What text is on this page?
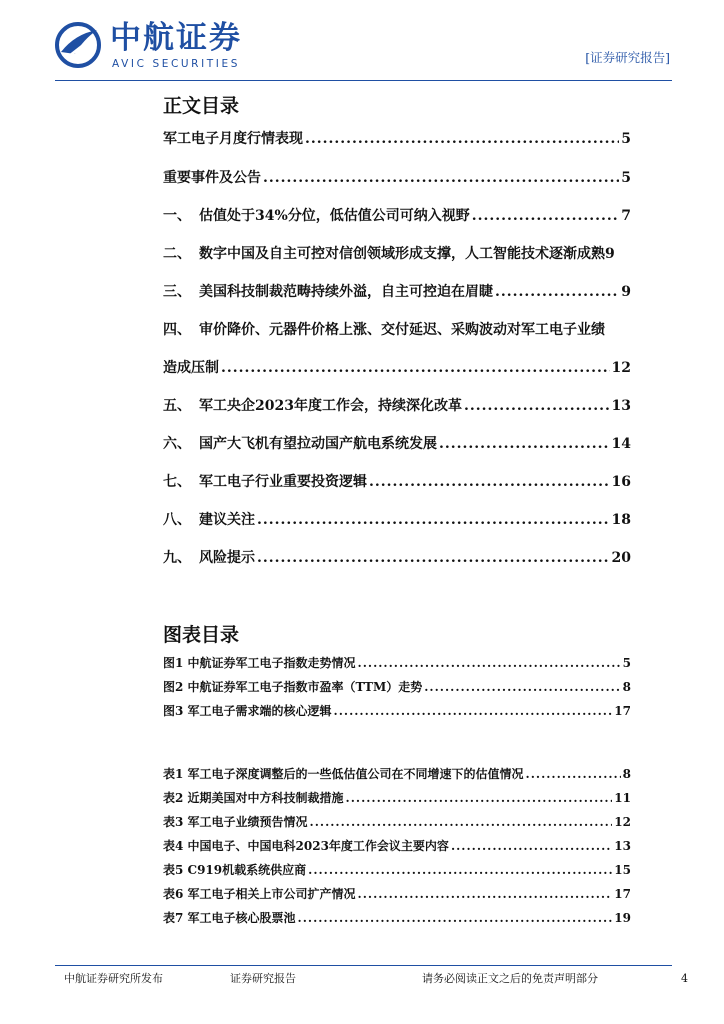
中航证券
AVIC SECURITIES	[证券研究报告]
正文目录
军工电子月度行情表现 .....	5
重要事件及公告 .....	5
一、 估值处于34%分位，低估值公司可纳入视野 .....	7
二、 数字中国及自主可控对信创领域形成支撑，人工智能技术逐渐成熟 9
三、 美国科技制裁范畴持续外溢，自主可控迫在眉睫 .....	9
四、 审价降价、元器件价格上涨、交付延迟、采购波动对军工电子业绩
造成压制 .....	12
五、 军工央企2023年度工作会，持续深化改革 .....	13
六、 国产大飞机有望拉动国产航电系统发展 .....	14
七、 军工电子行业重要投资逻辑 .....	16
八、 建议关注 .....	18
九、 风险提示 .....	20
图表目录
图1 中航证券军工电子指数走势情况 .....	5
图2 中航证券军工电子指数市盈率（TTM）走势 .....	8
图3 军工电子需求端的核心逻辑 .....	17
表1 军工电子深度调整后的一些低估值公司在不同增速下的估值情况 .....	8
表2 近期美国对中方科技制裁措施 .....	11
表3 军工电子业绩预告情况 .....	12
表4 中国电子、中国电科2023年度工作会议主要内容 .....	13
表5 C919机载系统供应商 .....	15
表6 军工电子相关上市公司扩产情况 .....	17
表7 军工电子核心股票池 .....	19
中航证券研究所发布	证券研究报告	请务必阅读正文之后的免责声明部分	4
